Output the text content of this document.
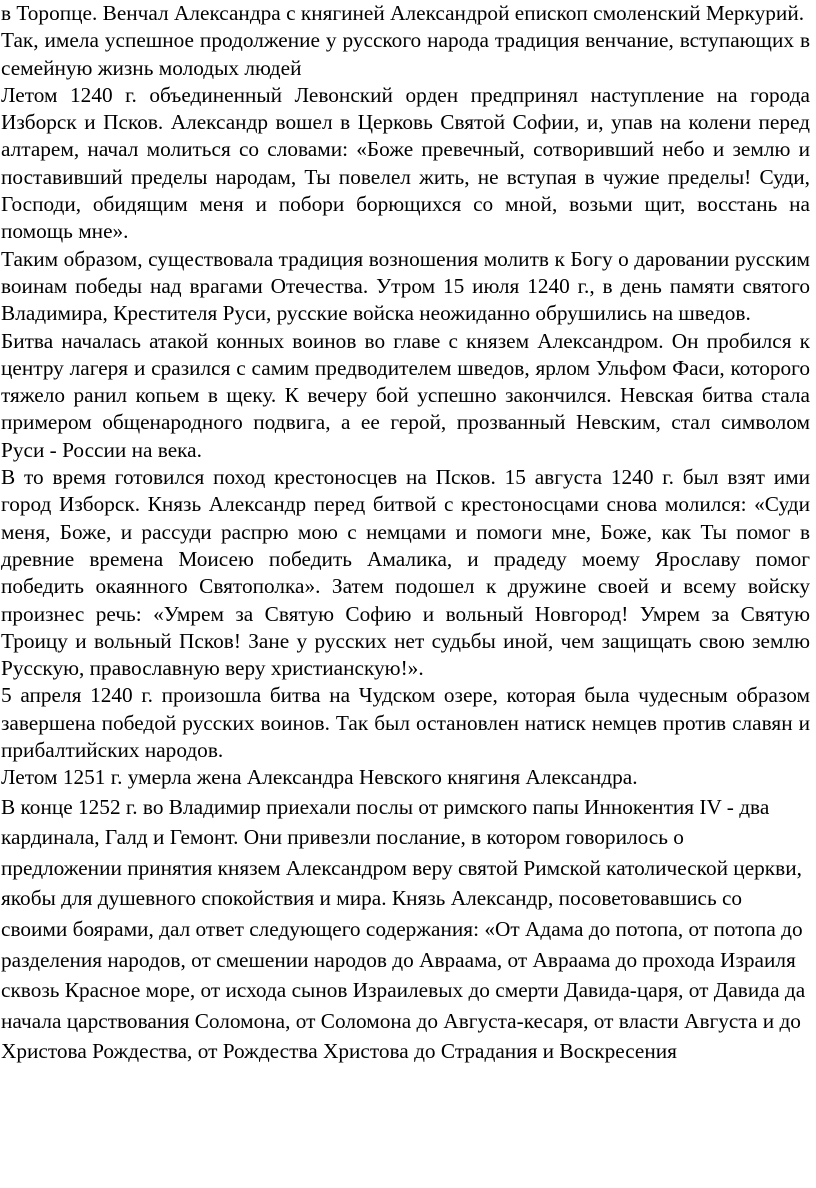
в Торопце. Венчал Александра с княгиней Александрой епископ смоленский Меркурий.

Так, имела успешное продолжение у русского народа традиция венчание, вступающих в семейную жизнь молодых людей

Летом 1240 г. объединенный Левонский орден предпринял наступление на города Изборск и Псков. Александр вошел в Церковь Святой Софии, и, упав на колени перед алтарем, начал молиться со словами: «Боже превечный, сотворивший небо и землю и поставивший пределы народам, Ты повелел жить, не вступая в чужие пределы! Суди, Господи, обидящим меня и побори борющихся со мной, возьми щит, восстань на помощь мне».

Таким образом, существовала традиция возношения молитв к Богу о даровании русским воинам победы над врагами Отечества. Утром 15 июля 1240 г., в день памяти святого Владимира, Крестителя Руси, русские войска неожиданно обрушились на шведов.

Битва началась атакой конных воинов во главе с князем Александром. Он пробился к центру лагеря и сразился с самим предводителем шведов, ярлом Ульфом Фаси, которого тяжело ранил копьем в щеку. К вечеру бой успешно закончился. Невская битва стала примером общенародного подвига, а ее герой, прозванный Невским, стал символом Руси - России на века.

В то время готовился поход крестоносцев на Псков. 15 августа 1240 г. был взят ими город Изборск. Князь Александр перед битвой с крестоносцами снова молился: «Суди меня, Боже, и рассуди распрю мою с немцами и помоги мне, Боже, как Ты помог в древние времена Моисею победить Амалика, и прадеду моему Ярославу помог победить окаянного Святополка». Затем подошел к дружине своей и всему войску произнес речь: «Умрем за Святую Софию и вольный Новгород! Умрем за Святую Троицу и вольный Псков! Зане у русских нет судьбы иной, чем защищать свою землю Русскую, православную веру христианскую!».

5 апреля 1240 г. произошла битва на Чудском озере, которая была чудесным образом завершена победой русских воинов. Так был остановлен натиск немцев против славян и прибалтийских народов.

Летом 1251 г. умерла жена Александра Невского княгиня Александра.

В конце 1252 г. во Владимир приехали послы от римского папы Иннокентия IV - два кардинала, Галд и Гемонт. Они привезли послание, в котором говорилось о предложении принятия князем Александром веру святой Римской католической церкви, якобы для душевного спокойствия и мира. Князь Александр, посоветовавшись со своими боярами, дал ответ следующего содержания: «От Адама до потопа, от потопа до разделения народов, от смешении народов до Авраама, от Авраама до прохода Израиля сквозь Красное море, от исхода сынов Израилевых до смерти Давида-царя, от Давида да начала царствования Соломона, от Соломона до Августа-кесаря, от власти Августа и до Христова Рождества, от Рождества Христова до Страдания и Воскресения
